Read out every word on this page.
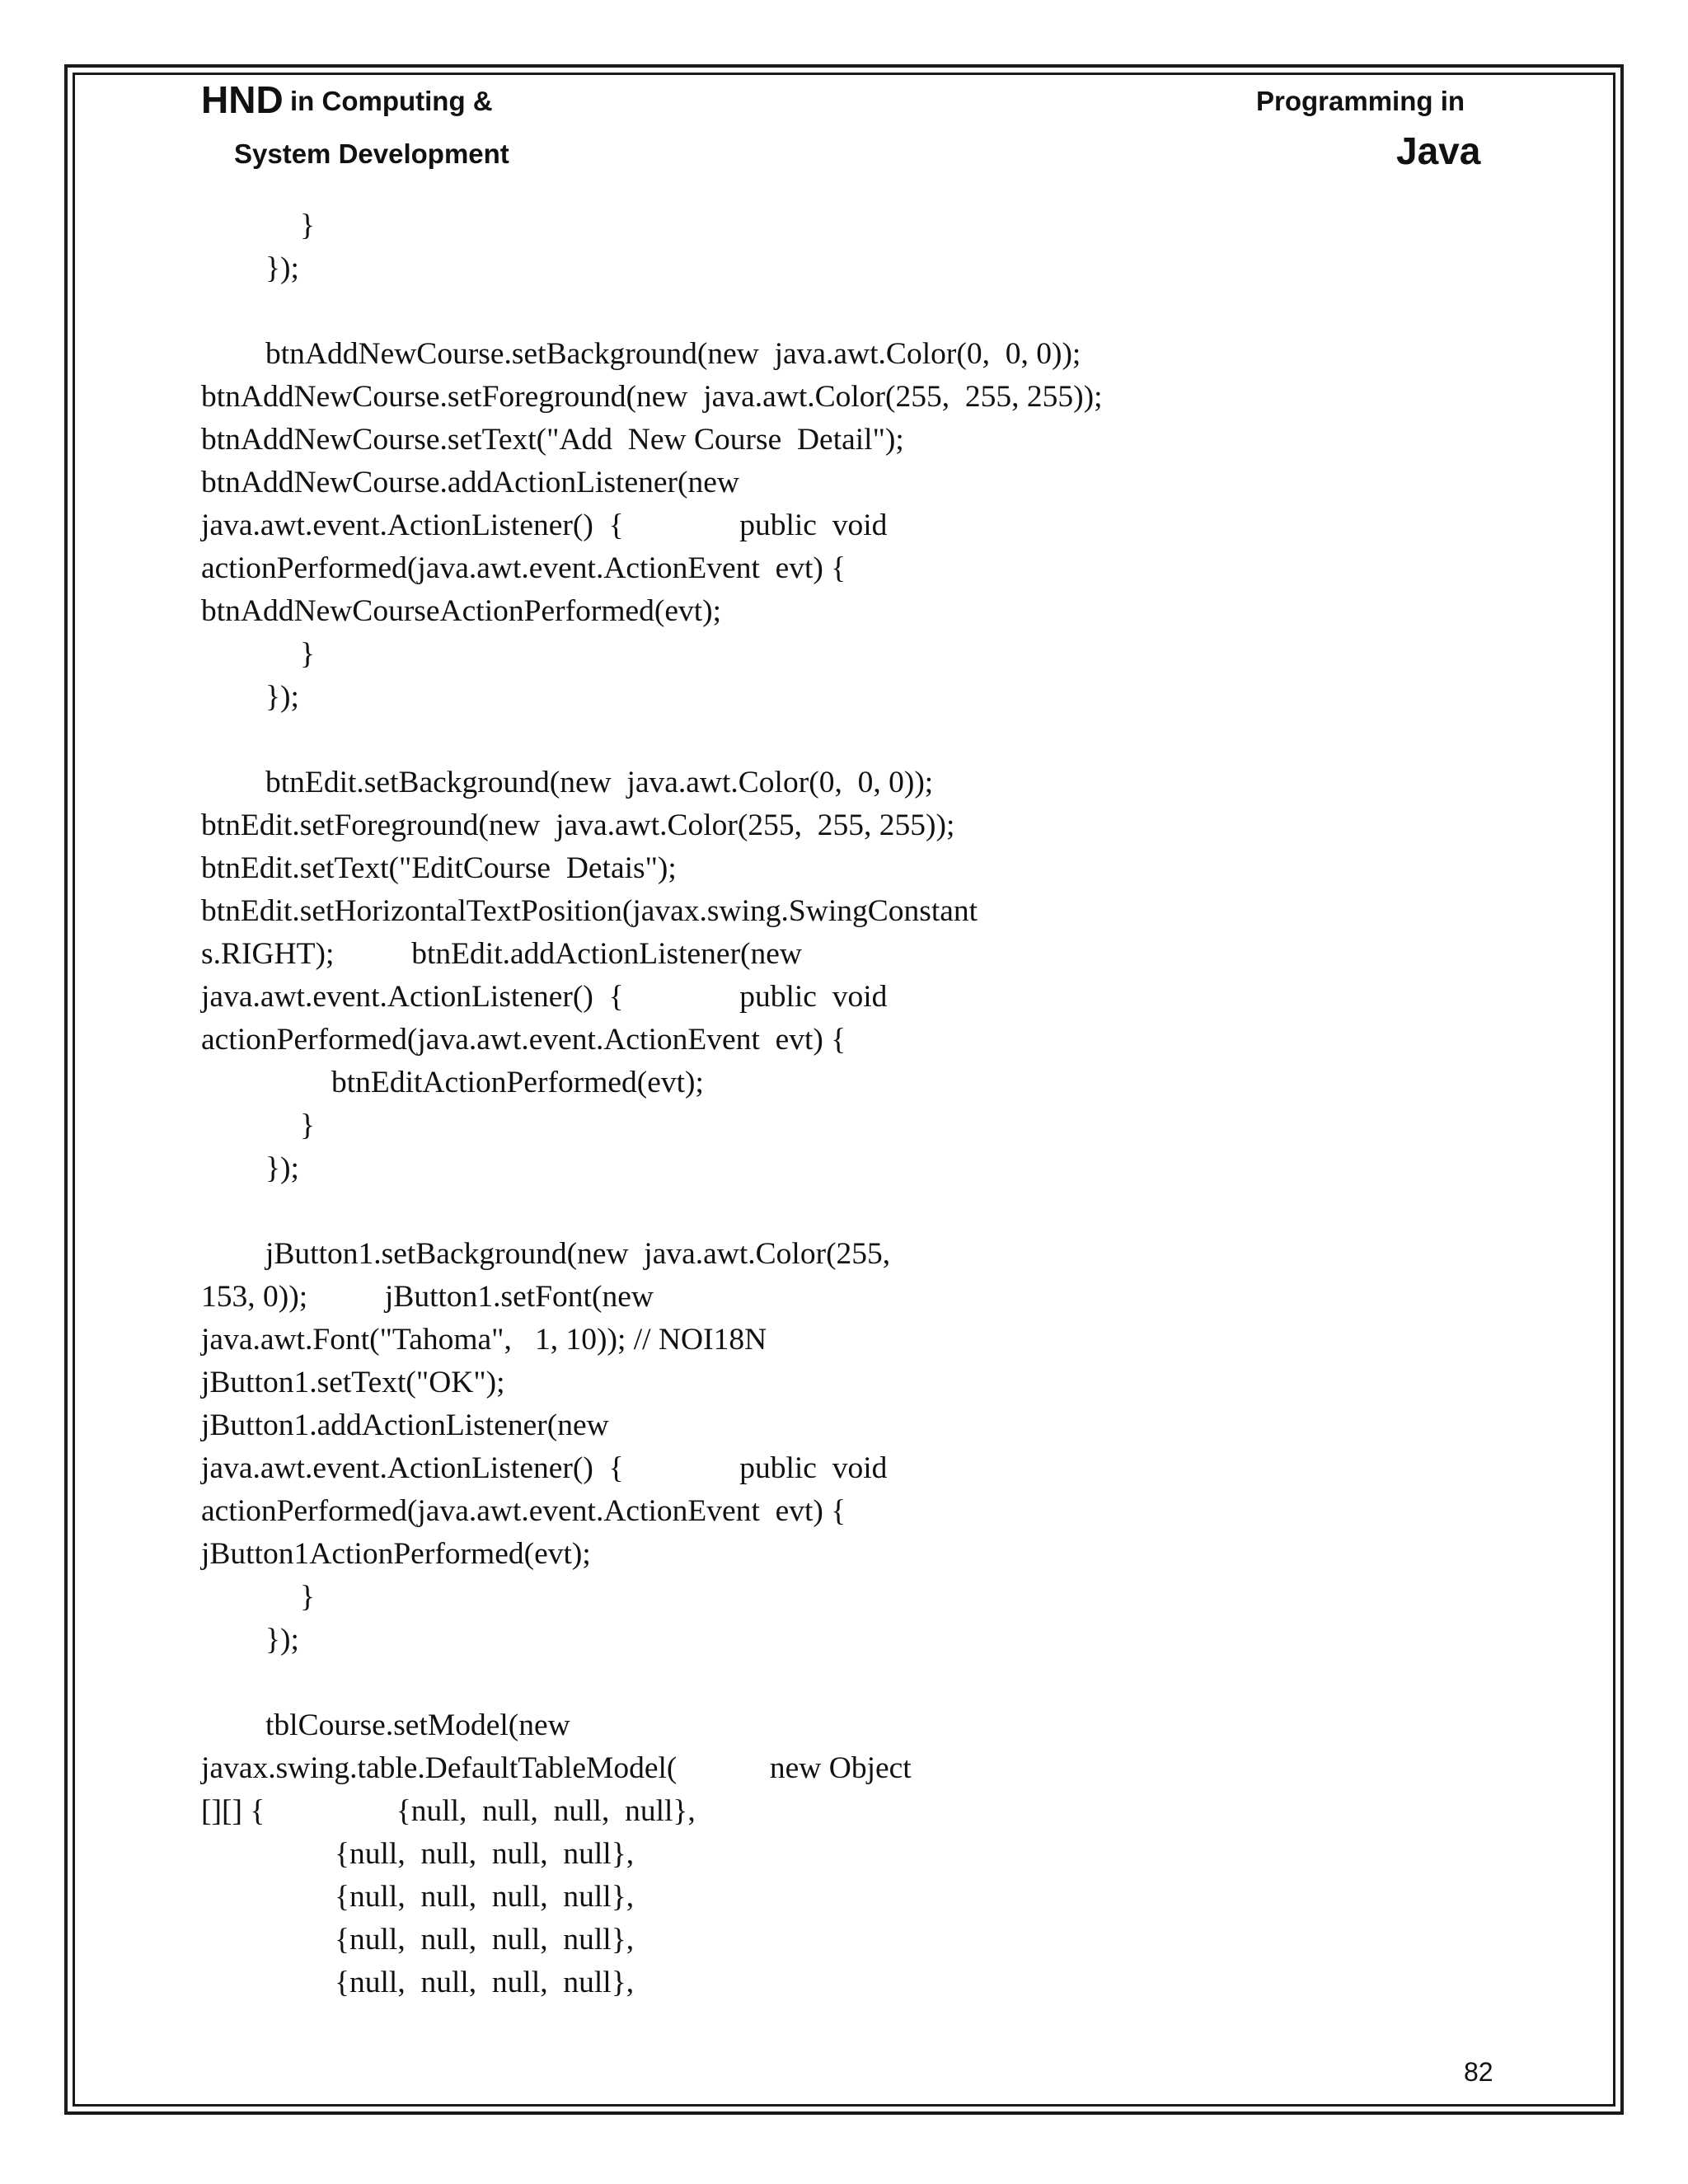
HND in Computing &
System Development
Programming in
Java
}
});
btnAddNewCourse.setBackground(new  java.awt.Color(0,  0, 0));
btnAddNewCourse.setForeground(new  java.awt.Color(255,  255, 255));
btnAddNewCourse.setText("Add  New Course  Detail");
btnAddNewCourse.addActionListener(new
java.awt.event.ActionListener()  {               public  void
actionPerformed(java.awt.event.ActionEvent  evt) {
btnAddNewCourseActionPerformed(evt);
}
});
btnEdit.setBackground(new  java.awt.Color(0,  0, 0));
btnEdit.setForeground(new  java.awt.Color(255,  255, 255));
btnEdit.setText("EditCourse  Detais");
btnEdit.setHorizontalTextPosition(javax.swing.SwingConstant
s.RIGHT);          btnEdit.addActionListener(new
java.awt.event.ActionListener()  {               public  void
actionPerformed(java.awt.event.ActionEvent  evt) {
btnEditActionPerformed(evt);
}
});
jButton1.setBackground(new  java.awt.Color(255,
153, 0));          jButton1.setFont(new
java.awt.Font("Tahoma",   1, 10)); // NOI18N
jButton1.setText("OK");
jButton1.addActionListener(new
java.awt.event.ActionListener()  {               public  void
actionPerformed(java.awt.event.ActionEvent  evt) {
jButton1ActionPerformed(evt);
}
});
tblCourse.setModel(new
javax.swing.table.DefaultTableModel(            new Object
[][] {                 {null,  null,  null,  null},
{null,  null,  null,  null},
{null,  null,  null,  null},
{null,  null,  null,  null},
{null,  null,  null,  null},
82
